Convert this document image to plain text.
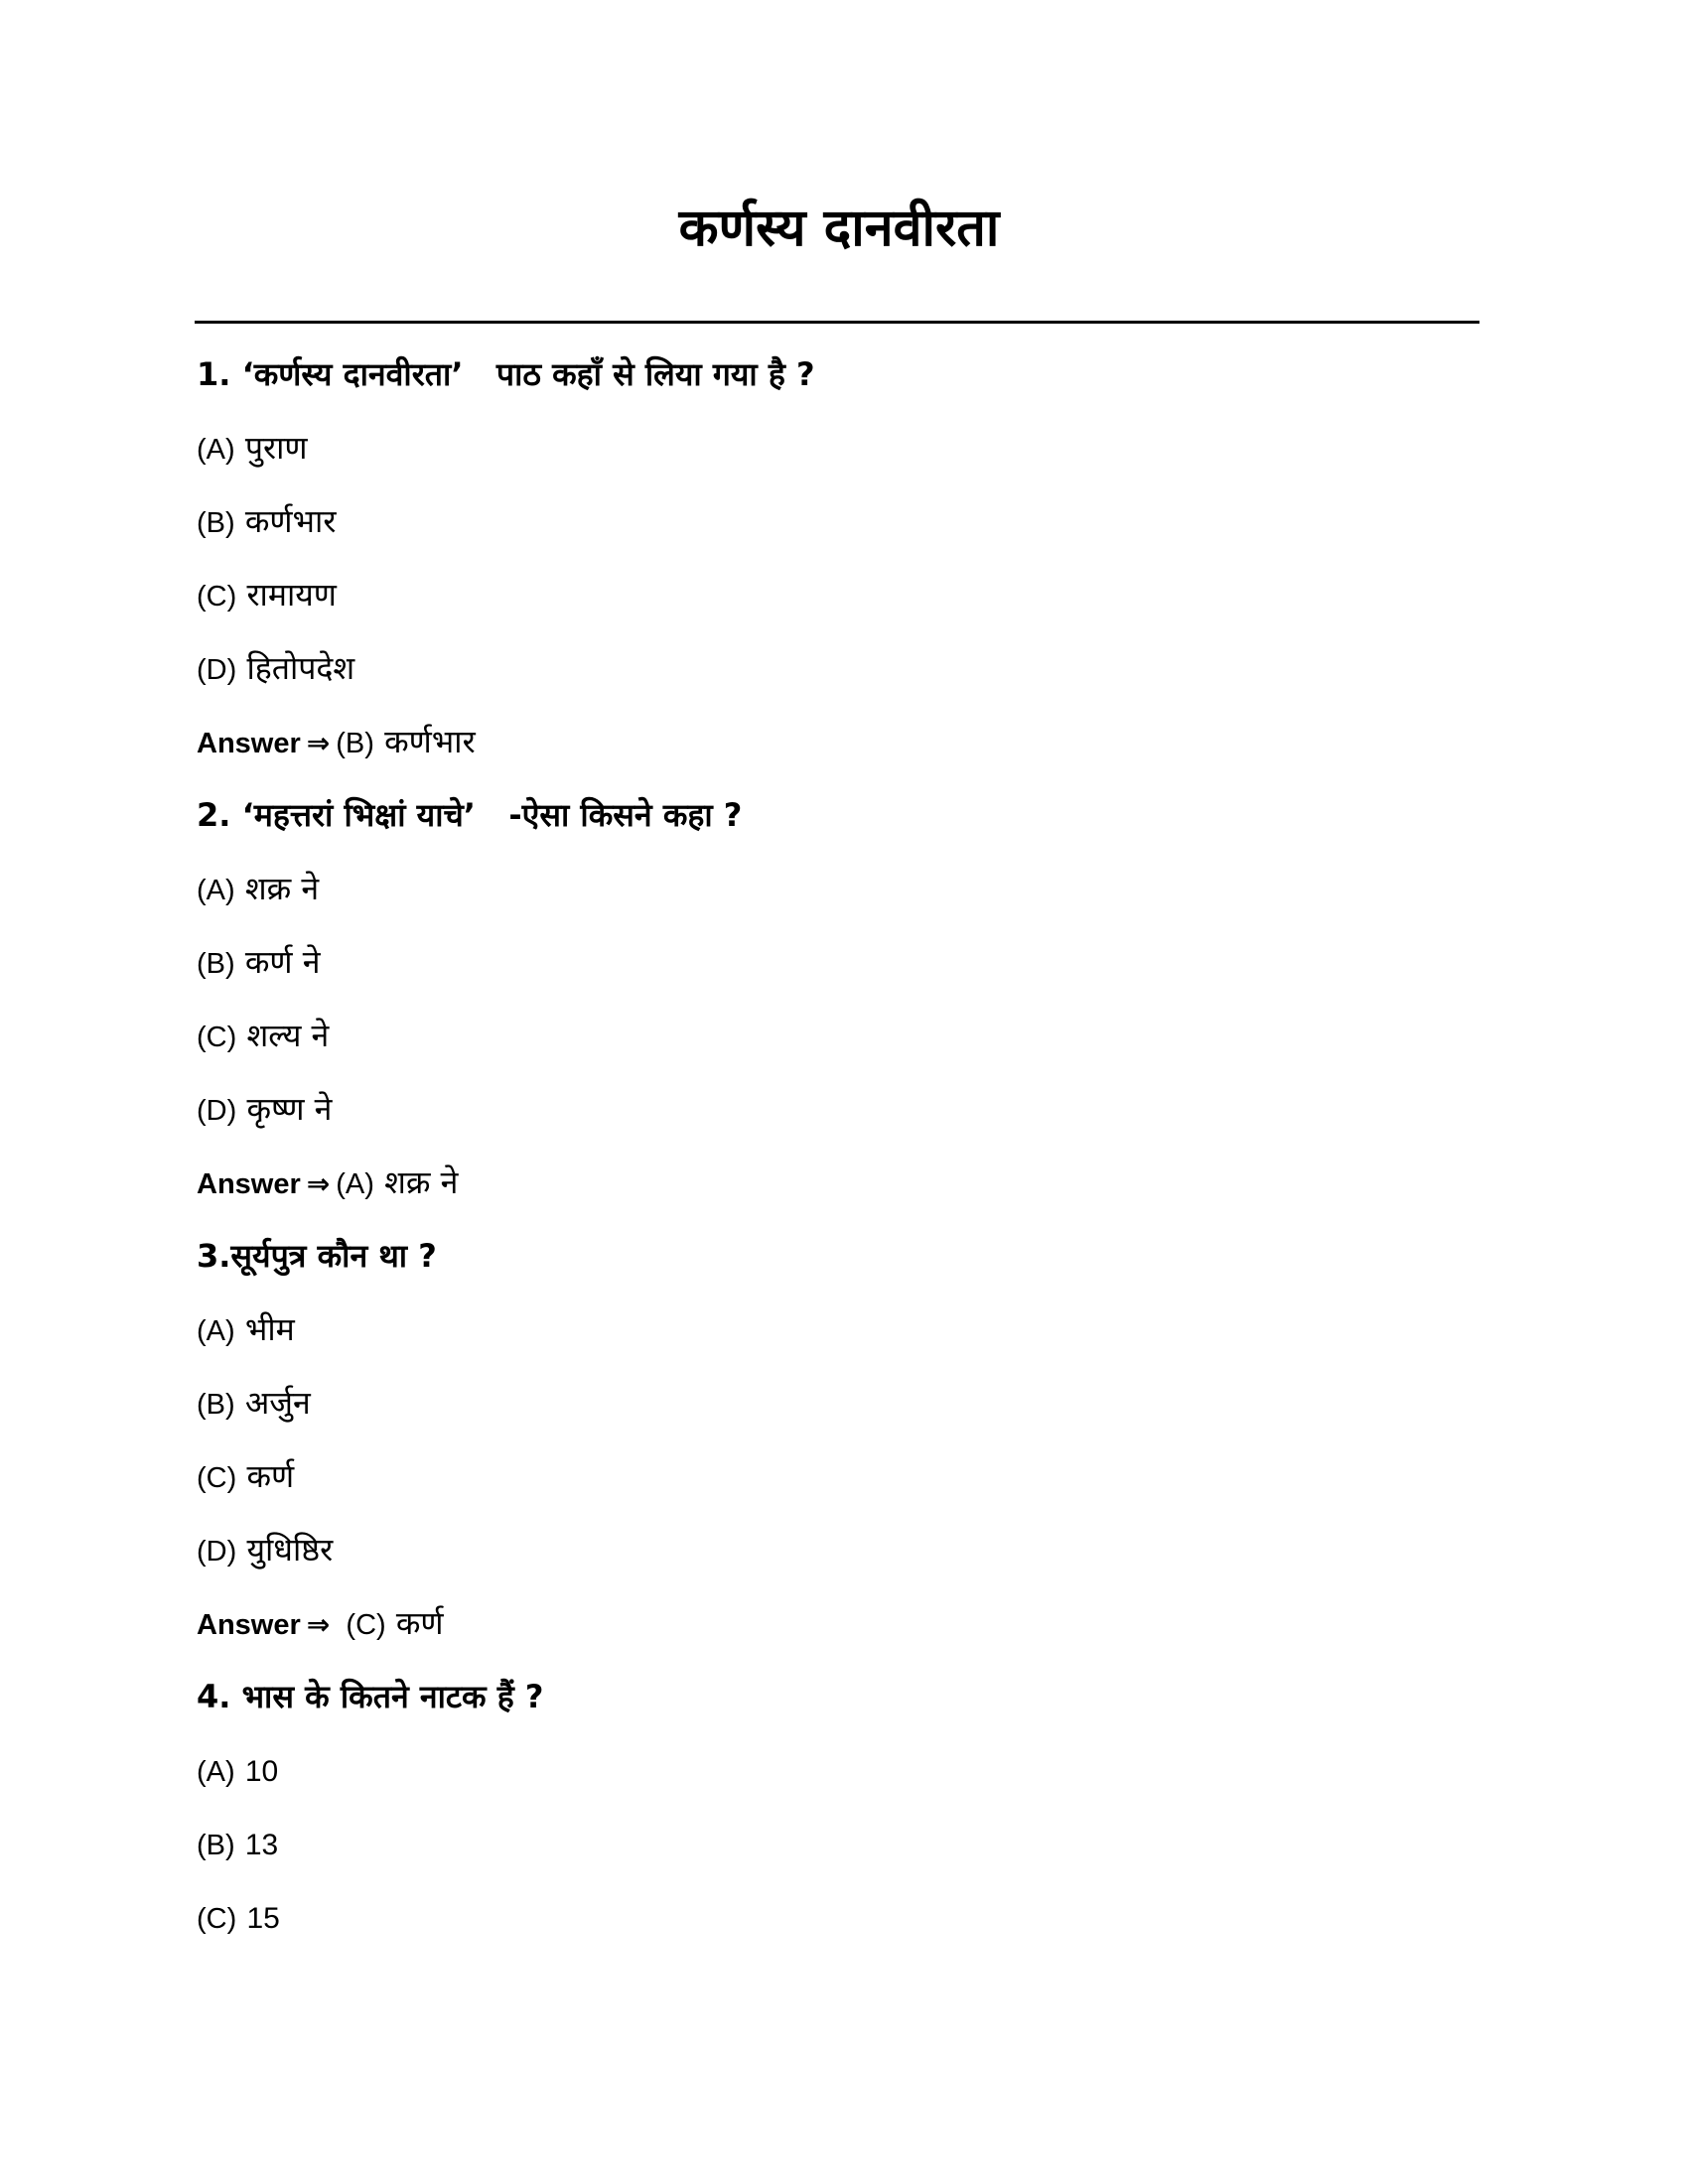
कर्णस्य दानवीरता
1. ‘कर्णस्य दानवीरता’   पाठ कहाँ से लिया गया है ?
(A) पुराण
(B) कर्णभार
(C) रामायण
(D) हितोपदेश
Answer ⇒ (B) कर्णभार
2. ‘महत्तरां भिक्षां याचे’   -ऐसा किसने कहा ?
(A) शक्र ने
(B) कर्ण ने
(C) शल्य ने
(D) कृष्ण ने
Answer ⇒ (A) शक्र ने
3.सूर्यपुत्र कौन था ?
(A) भीम
(B) अर्जुन
(C) कर्ण
(D) युधिष्ठिर
Answer ⇒ (C) कर्ण
4. भास के कितने नाटक हैं ?
(A) 10
(B) 13
(C) 15
